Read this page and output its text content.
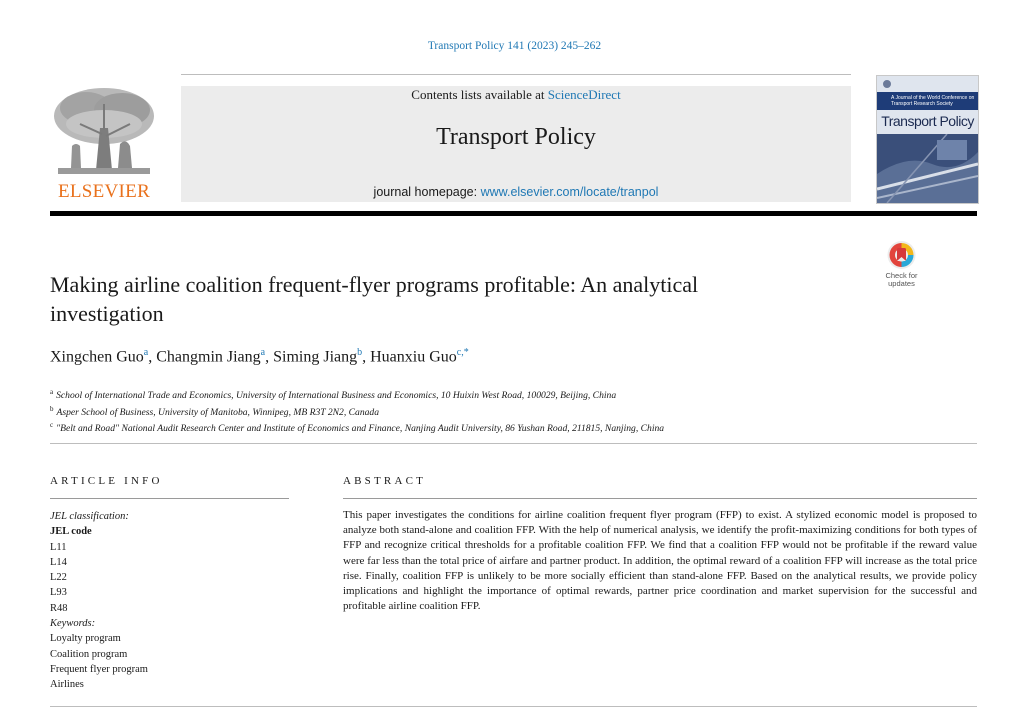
Transport Policy 141 (2023) 245–262
ELSEVIER
Contents lists available at ScienceDirect
Transport Policy
journal homepage: www.elsevier.com/locate/tranpol
A Journal of the World Conference on Transport Research Society
Transport Policy
Check for
updates
Making airline coalition frequent-flyer programs profitable: An analytical investigation
Xingchen Guo$^a$, Changmin Jiang$^a$, Siming Jiang$^b$, Huanxiu Guo$^{c,*}$
$^a$ School of International Trade and Economics, University of International Business and Economics, 10 Huixin West Road, 100029, Beijing, China
$^b$ Asper School of Business, University of Manitoba, Winnipeg, MB R3T 2N2, Canada
$^c$ "Belt and Road" National Audit Research Center and Institute of Economics and Finance, Nanjing Audit University, 86 Yushan Road, 211815, Nanjing, China
ARTICLE INFO	ABSTRACT
JEL classification:
JEL code
L11
L14
L22
L93
R48
Keywords:
Loyalty program
Coalition program
Frequent flyer program
Airlines
This paper investigates the conditions for airline coalition frequent flyer program (FFP) to exist. A stylized economic model is proposed to analyze both stand-alone and coalition FFP. With the help of numerical analysis, we identify the profit-maximizing conditions for both types of FFP and recognize critical thresholds for a profitable coalition FFP. We find that a coalition FFP would not be profitable if the reward value were far less than the total price of airfare and partner product. In addition, the optimal reward of a coalition FFP will increase as the total price rise. Finally, coalition FFP is unlikely to be more socially efficient than stand-alone FFP. Based on the analytical results, we provide policy implications and highlight the importance of optimal rewards, partner price coordination and market supervision for the successful and profitable airline coalition FFP.
